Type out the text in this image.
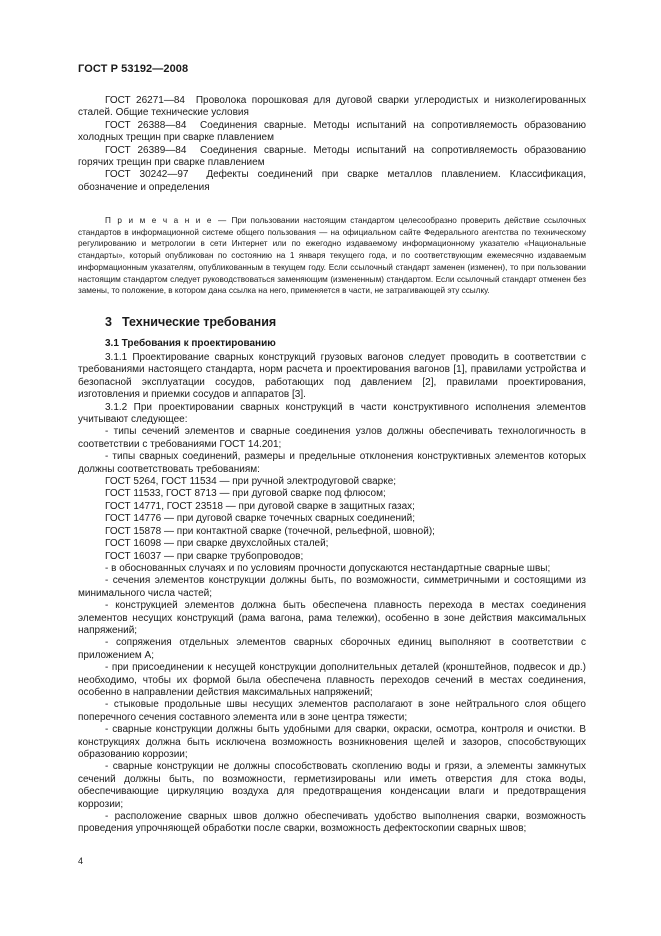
ГОСТ Р 53192—2008

ГОСТ 26271—84 Проволока порошковая для дуговой сварки углеродистых и низколегированных сталей. Общие технические условия

ГОСТ 26388—84 Соединения сварные. Методы испытаний на сопротивляемость образованию холодных трещин при сварке плавлением

ГОСТ 26389—84 Соединения сварные. Методы испытаний на сопротивляемость образованию горячих трещин при сварке плавлением

ГОСТ 30242—97 Дефекты соединений при сварке металлов плавлением. Классификация, обозначение и определения

П р и м е ч а н и е — При пользовании настоящим стандартом целесообразно проверить действие ссылочных стандартов в информационной системе общего пользования — на официальном сайте Федерального агентства по техническому регулированию и метрологии в сети Интернет или по ежегодно издаваемому информационному указателю «Национальные стандарты», который опубликован по состоянию на 1 января текущего года, и по соответствующим ежемесячно издаваемым информационным указателям, опубликованным в текущем году. Если ссылочный стандарт заменен (изменен), то при пользовании настоящим стандартом следует руководствоваться заменяющим (измененным) стандартом. Если ссылочный стандарт отменен без замены, то положение, в котором дана ссылка на него, применяется в части, не затрагивающей эту ссылку.
3 Технические требования
3.1 Требования к проектированию

3.1.1 Проектирование сварных конструкций грузовых вагонов следует проводить в соответствии с требованиями настоящего стандарта, норм расчета и проектирования вагонов [1], правилами устройства и безопасной эксплуатации сосудов, работающих под давлением [2], правилами проектирования, изготовления и приемки сосудов и аппаратов [3].

3.1.2 При проектировании сварных конструкций в части конструктивного исполнения элементов учитывают следующее:

- типы сечений элементов и сварные соединения узлов должны обеспечивать технологичность в соответствии с требованиями ГОСТ 14.201;

- типы сварных соединений, размеры и предельные отклонения конструктивных элементов которых должны соответствовать требованиям:

ГОСТ 5264, ГОСТ 11534 — при ручной электродуговой сварке;

ГОСТ 11533, ГОСТ 8713 — при дуговой сварке под флюсом;

ГОСТ 14771, ГОСТ 23518 — при дуговой сварке в защитных газах;

ГОСТ 14776 — при дуговой сварке точечных сварных соединений;

ГОСТ 15878 — при контактной сварке (точечной, рельефной, шовной);

ГОСТ 16098 — при сварке двухслойных сталей;

ГОСТ 16037 — при сварке трубопроводов;

- в обоснованных случаях и по условиям прочности допускаются нестандартные сварные швы;

- сечения элементов конструкции должны быть, по возможности, симметричными и состоящими из минимального числа частей;

- конструкцией элементов должна быть обеспечена плавность перехода в местах соединения элементов несущих конструкций (рама вагона, рама тележки), особенно в зоне действия максимальных напряжений;

- сопряжения отдельных элементов сварных сборочных единиц выполняют в соответствии с приложением А;

- при присоединении к несущей конструкции дополнительных деталей (кронштейнов, подвесок и др.) необходимо, чтобы их формой была обеспечена плавность переходов сечений в местах соединения, особенно в направлении действия максимальных напряжений;

- стыковые продольные швы несущих элементов располагают в зоне нейтрального слоя общего поперечного сечения составного элемента или в зоне центра тяжести;

- сварные конструкции должны быть удобными для сварки, окраски, осмотра, контроля и очистки. В конструкциях должна быть исключена возможность возникновения щелей и зазоров, способствующих образованию коррозии;

- сварные конструкции не должны способствовать скоплению воды и грязи, а элементы замкнутых сечений должны быть, по возможности, герметизированы или иметь отверстия для стока воды, обеспечивающие циркуляцию воздуха для предотвращения конденсации влаги и предотвращения коррозии;

- расположение сварных швов должно обеспечивать удобство выполнения сварки, возможность проведения упрочняющей обработки после сварки, возможность дефектоскопии сварных швов;

4
